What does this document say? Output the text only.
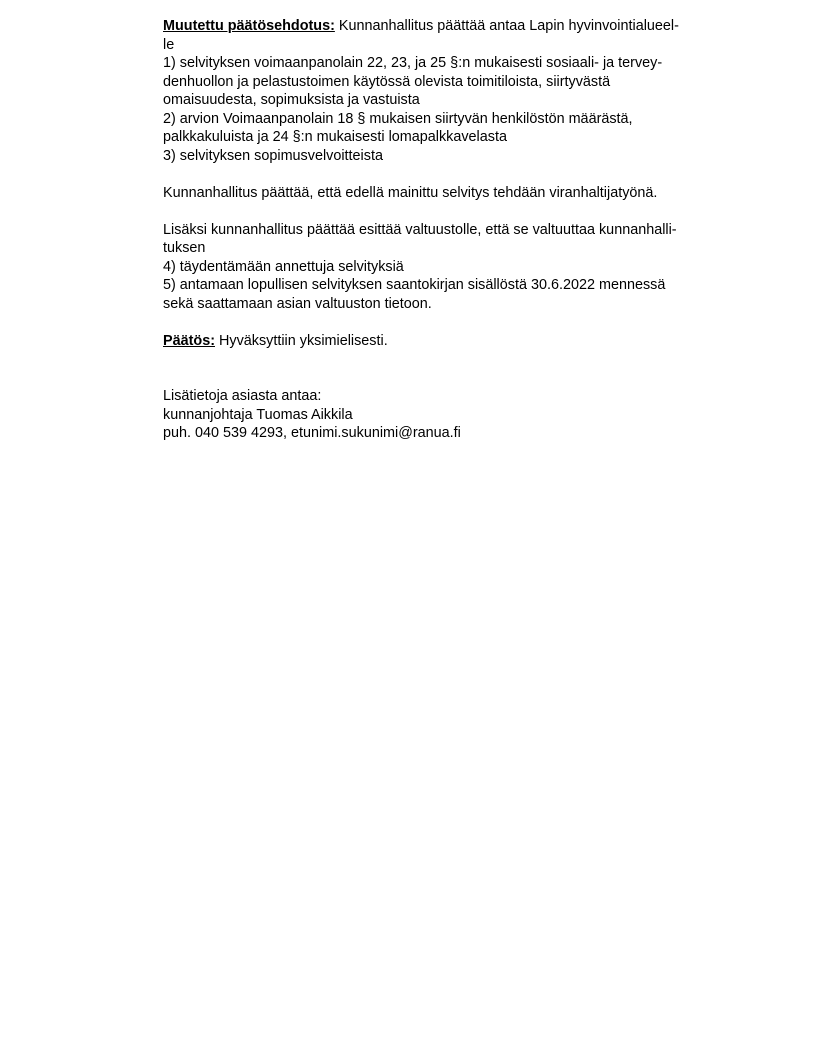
Muutettu päätösehdotus: Kunnanhallitus päättää antaa Lapin hyvinvointialueel-
le
1) selvityksen voimaanpanolain 22, 23, ja 25 §:n mukaisesti sosiaali- ja tervey-
denhuollon ja pelastustoimen käytössä olevista toimitiloista, siirtyvästä
omaisuudesta, sopimuksista ja vastuista
2) arvion Voimaanpanolain 18 § mukaisen siirtyvän henkilöstön määrästä,
palkkakuluista ja 24 §:n mukaisesti lomapalkkavelasta
3) selvityksen sopimusvelvoitteista
Kunnanhallitus päättää, että edellä mainittu selvitys tehdään viranhaltijatyönä.
Lisäksi kunnanhallitus päättää esittää valtuustolle, että se valtuuttaa kunnanhalli-
tuksen
4) täydentämään annettuja selvityksiä
5) antamaan lopullisen selvityksen saantokirjan sisällöstä 30.6.2022 mennessä
sekä saattamaan asian valtuuston tietoon.
Päätös: Hyväksyttiin yksimielisesti.
Lisätietoja asiasta antaa:
kunnanjohtaja Tuomas Aikkila
puh. 040 539 4293, etunimi.sukunimi@ranua.fi
